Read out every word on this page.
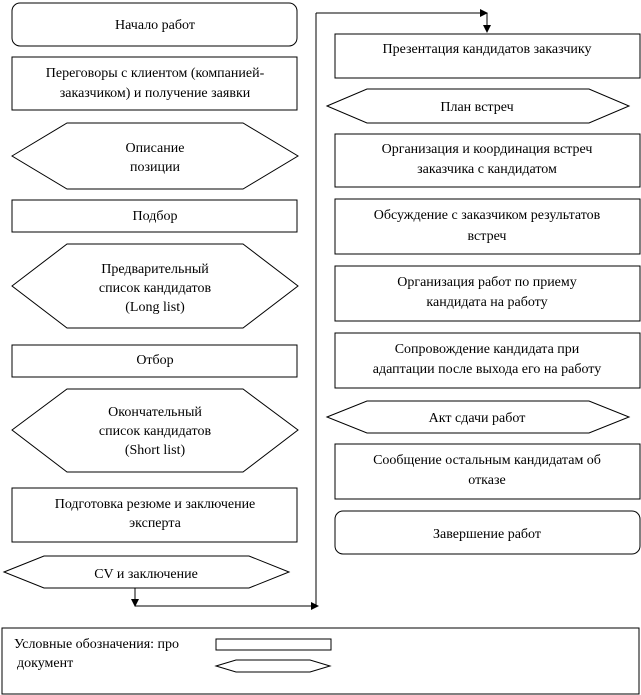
Начало работ
Переговоры с клиентом (компанией-
заказчиком) и получение заявки
Описание
позиции
Подбор
Предварительный
список кандидатов
(Long list)
Отбор
Окончательный
список кандидатов
(Short list)
Подготовка резюме и заключение
эксперта
CV и заключение
Презентация кандидатов заказчику
План встреч
Организация и координация встреч
заказчика с кандидатом
Обсуждение с заказчиком результатов
встреч
Организация работ по приему
кандидата на работу
Сопровождение кандидата при
адаптации после выхода его на работу
Акт сдачи работ
Сообщение остальным кандидатам об
отказе
Завершение работ
Условные обозначения: про
документ
